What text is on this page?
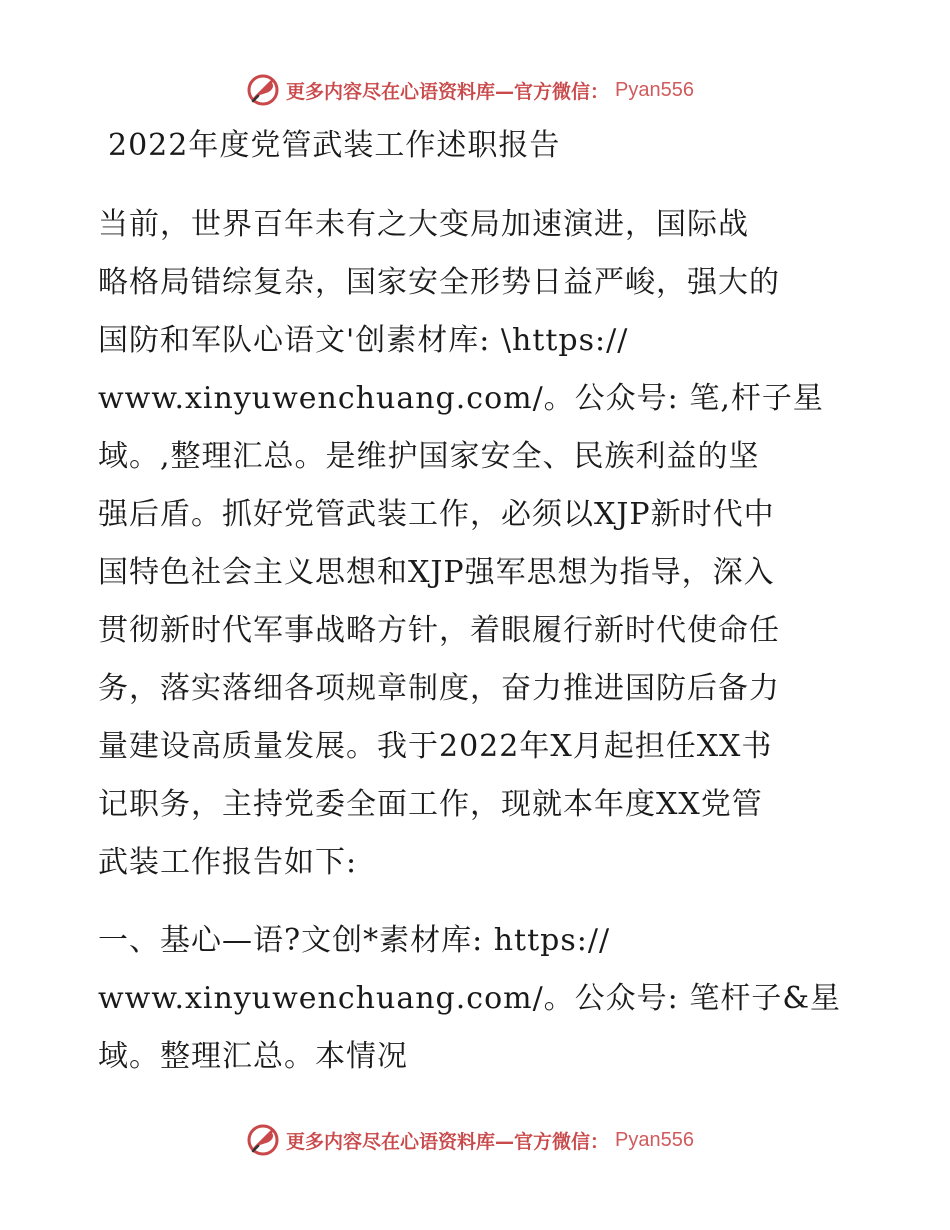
更多内容尽在心语资料库—官方微信： Pyan556
2022年度党管武装工作述职报告
当前，世界百年未有之大变局加速演进，国际战
略格局错综复杂，国家安全形势日益严峻，强大的
国防和军队心语文'创素材库: \https://
www.xinyuwenchuang.com/。公众号: 笔,杆子星
域。,整理汇总。是维护国家安全、民族利益的坚
强后盾。抓好党管武装工作，必须以XJP新时代中
国特色社会主义思想和XJP强军思想为指导，深入
贯彻新时代军事战略方针，着眼履行新时代使命任
务，落实落细各项规章制度，奋力推进国防后备力
量建设高质量发展。我于2022年X月起担任XX书
记职务，主持党委全面工作，现就本年度XX党管
武装工作报告如下:
一、基心—语?文创*素材库: https://
www.xinyuwenchuang.com/。公众号: 笔杆子&星
域。整理汇总。本情况
更多内容尽在心语资料库—官方微信： Pyan556
